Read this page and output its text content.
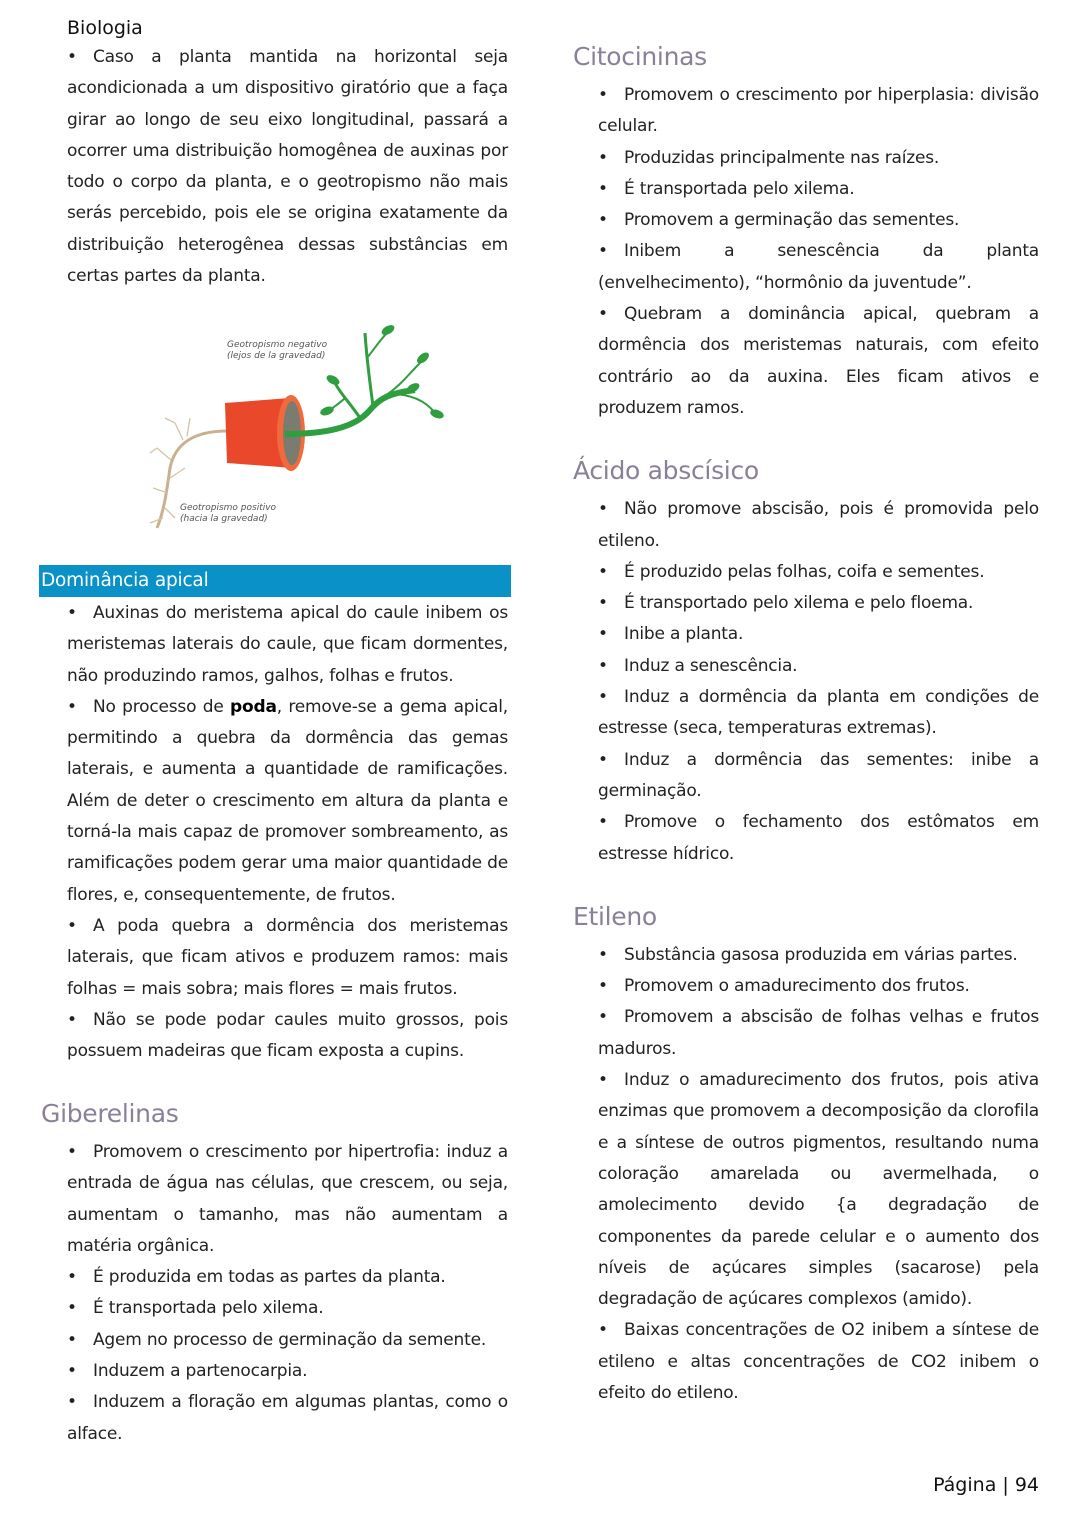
Biologia

• Caso a planta mantida na horizontal seja acondicionada a um dispositivo giratório que a faça girar ao longo de seu eixo longitudinal, passará a ocorrer uma distribuição homogênea de auxinas por todo o corpo da planta, e o geotropismo não mais serás percebido, pois ele se origina exatamente da distribuição heterogênea dessas substâncias em certas partes da planta.

Geotropismo negativo
(lejos de la gravedad)
Geotropismo positivo
(hacia la gravedad)
Dominância apical

• Auxinas do meristema apical do caule inibem os meristemas laterais do caule, que ficam dormentes, não produzindo ramos, galhos, folhas e frutos.

• No processo de poda, remove-se a gema apical, permitindo a quebra da dormência das gemas laterais, e aumenta a quantidade de ramificações. Além de deter o crescimento em altura da planta e torná-la mais capaz de promover sombreamento, as ramificações podem gerar uma maior quantidade de flores, e, consequentemente, de frutos.

• A poda quebra a dormência dos meristemas laterais, que ficam ativos e produzem ramos: mais folhas = mais sobra; mais flores = mais frutos.

• Não se pode podar caules muito grossos, pois possuem madeiras que ficam exposta a cupins.

Giberelinas

• Promovem o crescimento por hipertrofia: induz a entrada de água nas células, que crescem, ou seja, aumentam o tamanho, mas não aumentam a matéria orgânica.

• É produzida em todas as partes da planta.

• É transportada pelo xilema.

• Agem no processo de germinação da semente.

• Induzem a partenocarpia.

• Induzem a floração em algumas plantas, como o alface.

Citocininas

• Promovem o crescimento por hiperplasia: divisão celular.

• Produzidas principalmente nas raízes.

• É transportada pelo xilema.

• Promovem a germinação das sementes.

• Inibem a senescência da planta (envelhecimento), “hormônio da juventude”.

• Quebram a dominância apical, quebram a dormência dos meristemas naturais, com efeito contrário ao da auxina. Eles ficam ativos e produzem ramos.

Ácido abscísico

• Não promove abscisão, pois é promovida pelo etileno.

• É produzido pelas folhas, coifa e sementes.

• É transportado pelo xilema e pelo floema.

• Inibe a planta.

• Induz a senescência.

• Induz a dormência da planta em condições de estresse (seca, temperaturas extremas).

• Induz a dormência das sementes: inibe a germinação.

• Promove o fechamento dos estômatos em estresse hídrico.

Etileno

• Substância gasosa produzida em várias partes.

• Promovem o amadurecimento dos frutos.

• Promovem a abscisão de folhas velhas e frutos maduros.

• Induz o amadurecimento dos frutos, pois ativa enzimas que promovem a decomposição da clorofila e a síntese de outros pigmentos, resultando numa coloração amarelada ou avermelhada, o amolecimento devido {a degradação de componentes da parede celular e o aumento dos níveis de açúcares simples (sacarose) pela degradação de açúcares complexos (amido).

• Baixas concentrações de O2 inibem a síntese de etileno e altas concentrações de CO2 inibem o efeito do etileno.

Página | 94
